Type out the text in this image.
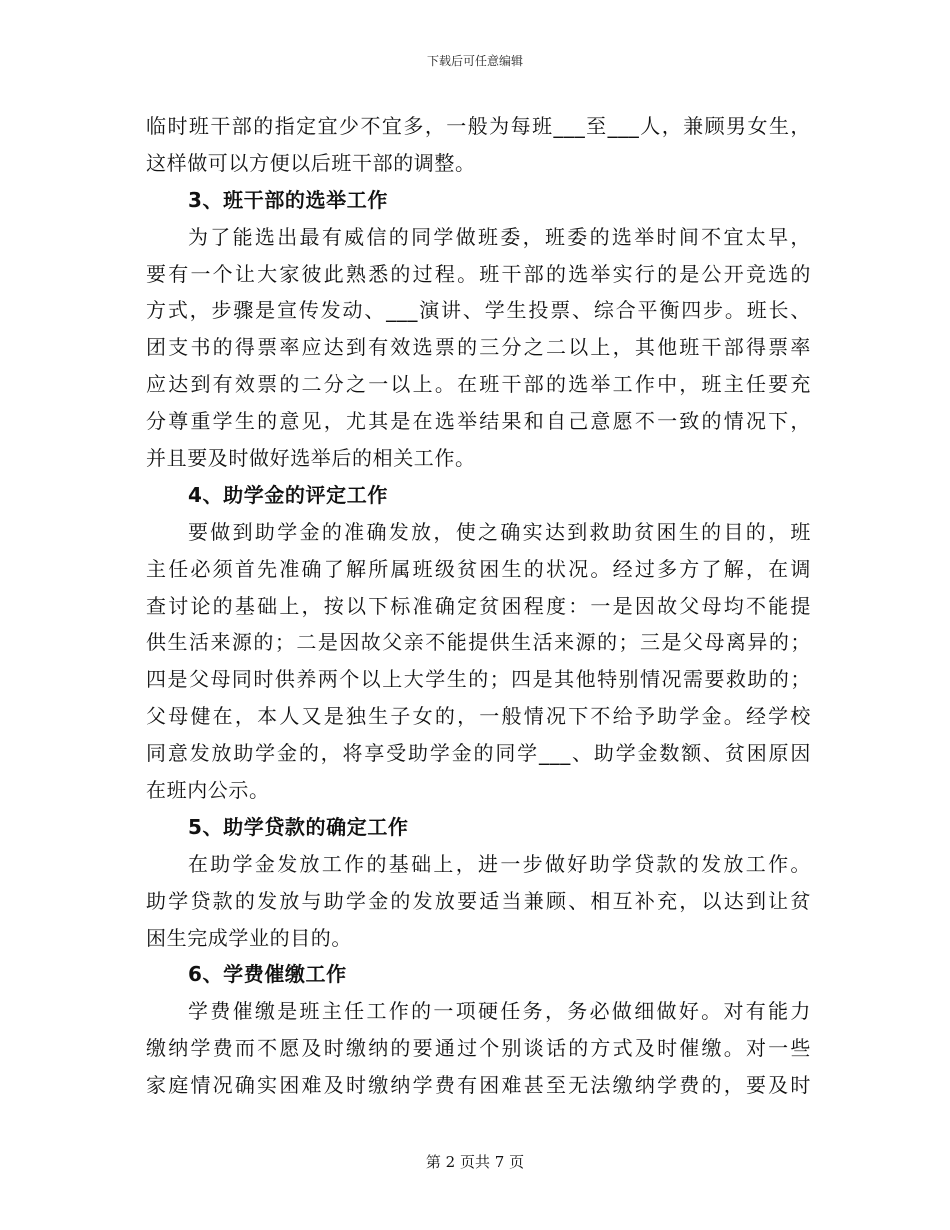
下载后可任意编辑
临时班干部的指定宜少不宜多，一般为每班___至___人，兼顾男女生，
这样做可以方便以后班干部的调整。
3、班干部的选举工作
为了能选出最有威信的同学做班委，班委的选举时间不宜太早，
要有一个让大家彼此熟悉的过程。班干部的选举实行的是公开竞选的
方式，步骤是宣传发动、___演讲、学生投票、综合平衡四步。班长、
团支书的得票率应达到有效选票的三分之二以上，其他班干部得票率
应达到有效票的二分之一以上。在班干部的选举工作中，班主任要充
分尊重学生的意见，尤其是在选举结果和自己意愿不一致的情况下，
并且要及时做好选举后的相关工作。
4、助学金的评定工作
要做到助学金的准确发放，使之确实达到救助贫困生的目的，班
主任必须首先准确了解所属班级贫困生的状况。经过多方了解，在调
查讨论的基础上，按以下标准确定贫困程度：一是因故父母均不能提
供生活来源的；二是因故父亲不能提供生活来源的；三是父母离异的；
四是父母同时供养两个以上大学生的；四是其他特别情况需要救助的；
父母健在，本人又是独生子女的，一般情况下不给予助学金。经学校
同意发放助学金的，将享受助学金的同学___、助学金数额、贫困原因
在班内公示。
5、助学贷款的确定工作
在助学金发放工作的基础上，进一步做好助学贷款的发放工作。
助学贷款的发放与助学金的发放要适当兼顾、相互补充，以达到让贫
困生完成学业的目的。
6、学费催缴工作
学费催缴是班主任工作的一项硬任务，务必做细做好。对有能力
缴纳学费而不愿及时缴纳的要通过个别谈话的方式及时催缴。对一些
家庭情况确实困难及时缴纳学费有困难甚至无法缴纳学费的，要及时
第 2 页共 7 页
